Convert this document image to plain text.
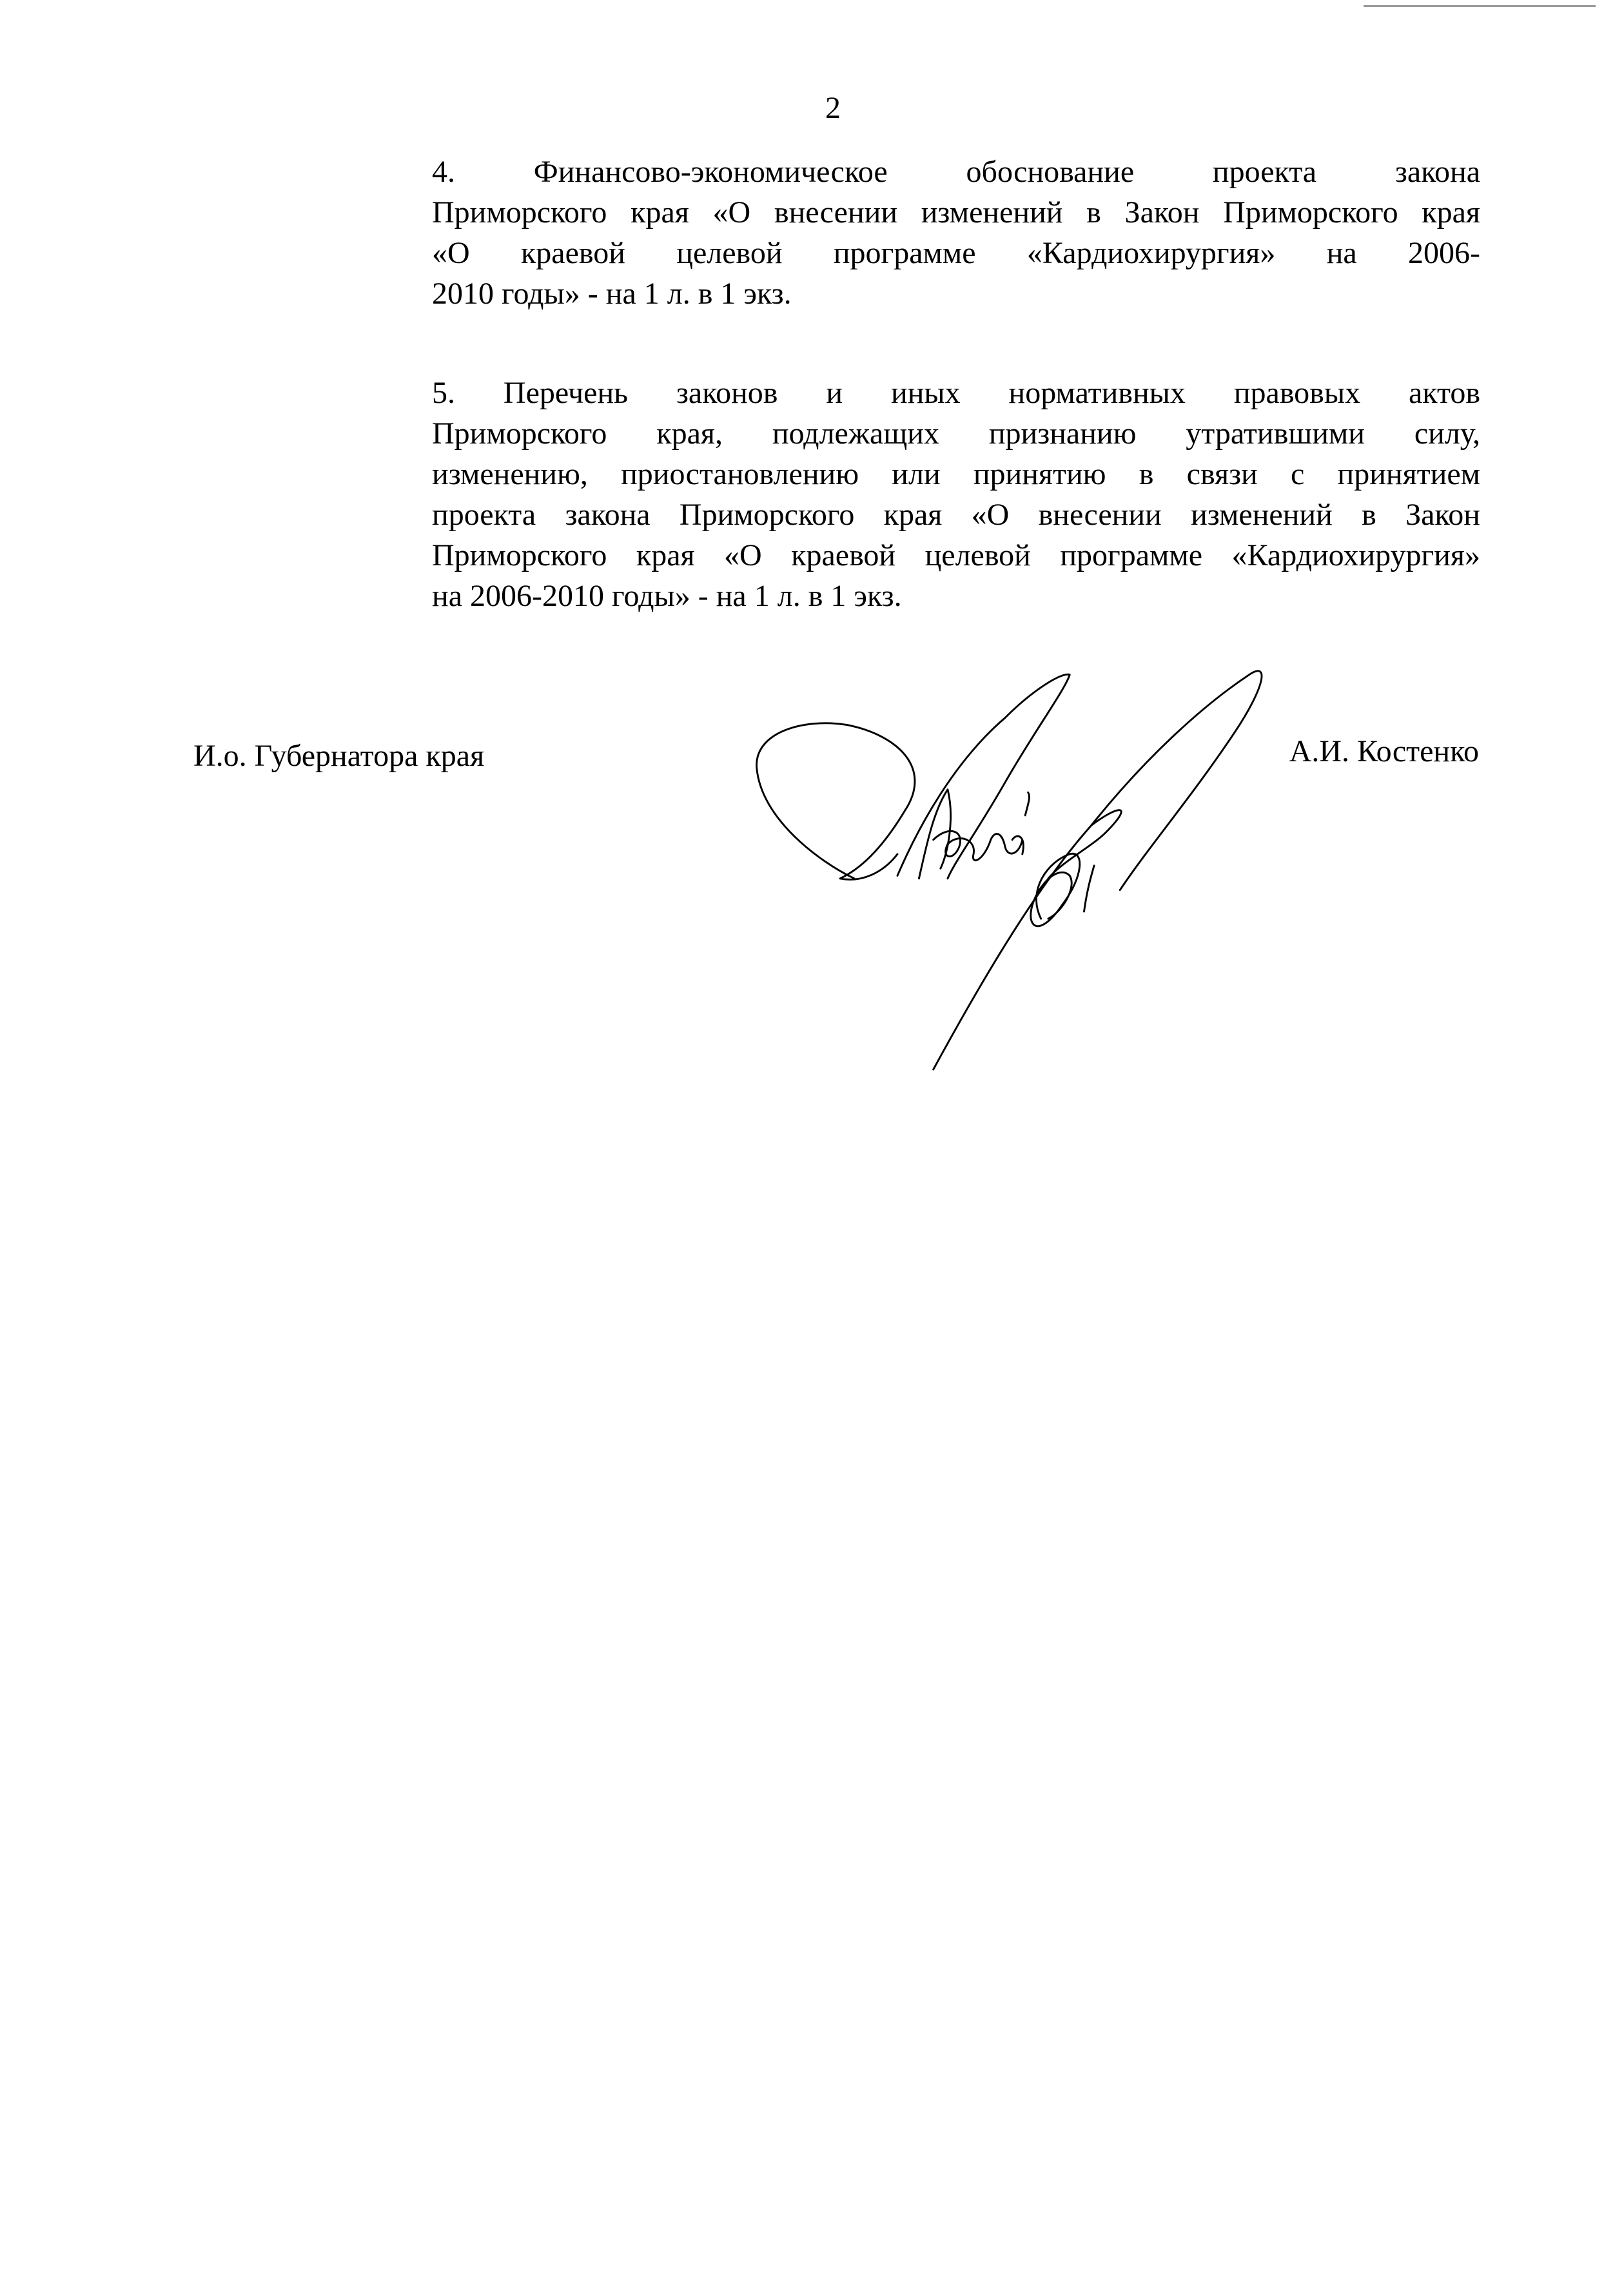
2
4. Финансово-экономическое обоснование проекта закона
Приморского края «О внесении изменений в Закон Приморского края
«О краевой целевой программе «Кардиохирургия» на 2006-
2010 годы» - на 1 л. в 1 экз.
5. Перечень законов и иных нормативных правовых актов
Приморского края, подлежащих признанию утратившими силу,
изменению, приостановлению или принятию в связи с принятием
проекта закона Приморского края «О внесении изменений в Закон
Приморского края «О краевой целевой программе «Кардиохирургия»
на 2006-2010 годы» - на 1 л. в 1 экз.
И.о. Губернатора края	А.И. Костенко
